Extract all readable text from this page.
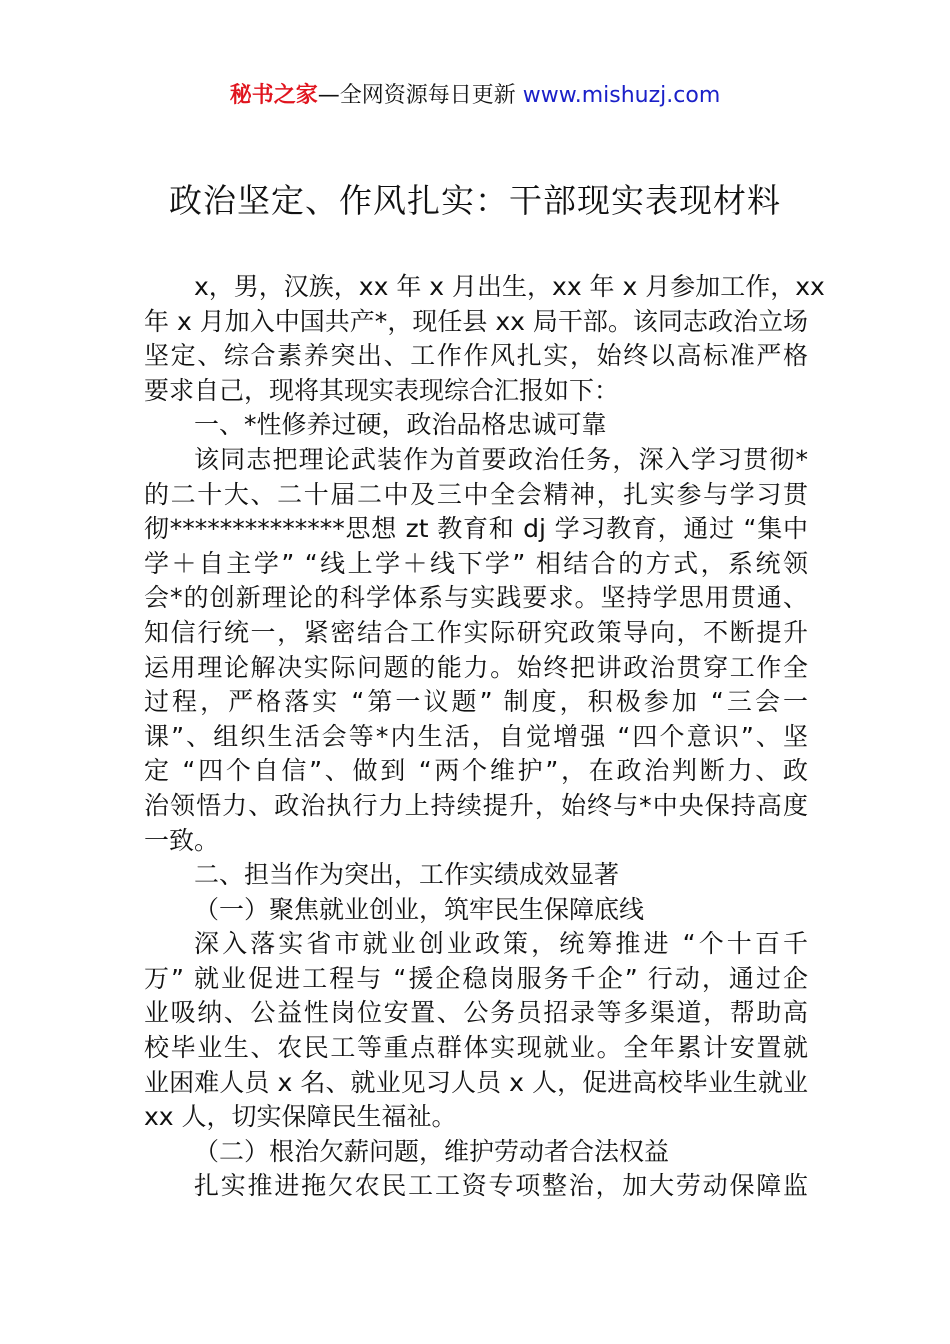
秘书之家—全网资源每日更新 www.mishuzj.com
政治坚定、作风扎实：干部现实表现材料
x，男，汉族，xx 年 x 月出生，xx 年 x 月参加工作，xx
年 x 月加入中国共产*，现任县 xx 局干部。该同志政治立场
坚定、综合素养突出、工作作风扎实，始终以高标准严格
要求自己，现将其现实表现综合汇报如下：
一、*性修养过硬，政治品格忠诚可靠
该同志把理论武装作为首要政治任务，深入学习贯彻*
的二十大、二十届二中及三中全会精神，扎实参与学习贯
彻**************思想 zt 教育和 dj 学习教育，通过 “集中
学＋自主学” “线上学＋线下学” 相结合的方式，系统领
会*的创新理论的科学体系与实践要求。坚持学思用贯通、
知信行统一，紧密结合工作实际研究政策导向，不断提升
运用理论解决实际问题的能力。始终把讲政治贯穿工作全
过程，严格落实 “第一议题” 制度，积极参加 “三会一
课”、组织生活会等*内生活，自觉增强 “四个意识”、坚
定 “四个自信”、做到 “两个维护”，在政治判断力、政
治领悟力、政治执行力上持续提升，始终与*中央保持高度
一致。
二、担当作为突出，工作实绩成效显著
（一）聚焦就业创业，筑牢民生保障底线
深入落实省市就业创业政策，统筹推进 “个十百千
万” 就业促进工程与 “援企稳岗服务千企” 行动，通过企
业吸纳、公益性岗位安置、公务员招录等多渠道，帮助高
校毕业生、农民工等重点群体实现就业。全年累计安置就
业困难人员 x 名、就业见习人员 x 人，促进高校毕业生就业
xx 人，切实保障民生福祉。
（二）根治欠薪问题，维护劳动者合法权益
扎实推进拖欠农民工工资专项整治，加大劳动保障监
